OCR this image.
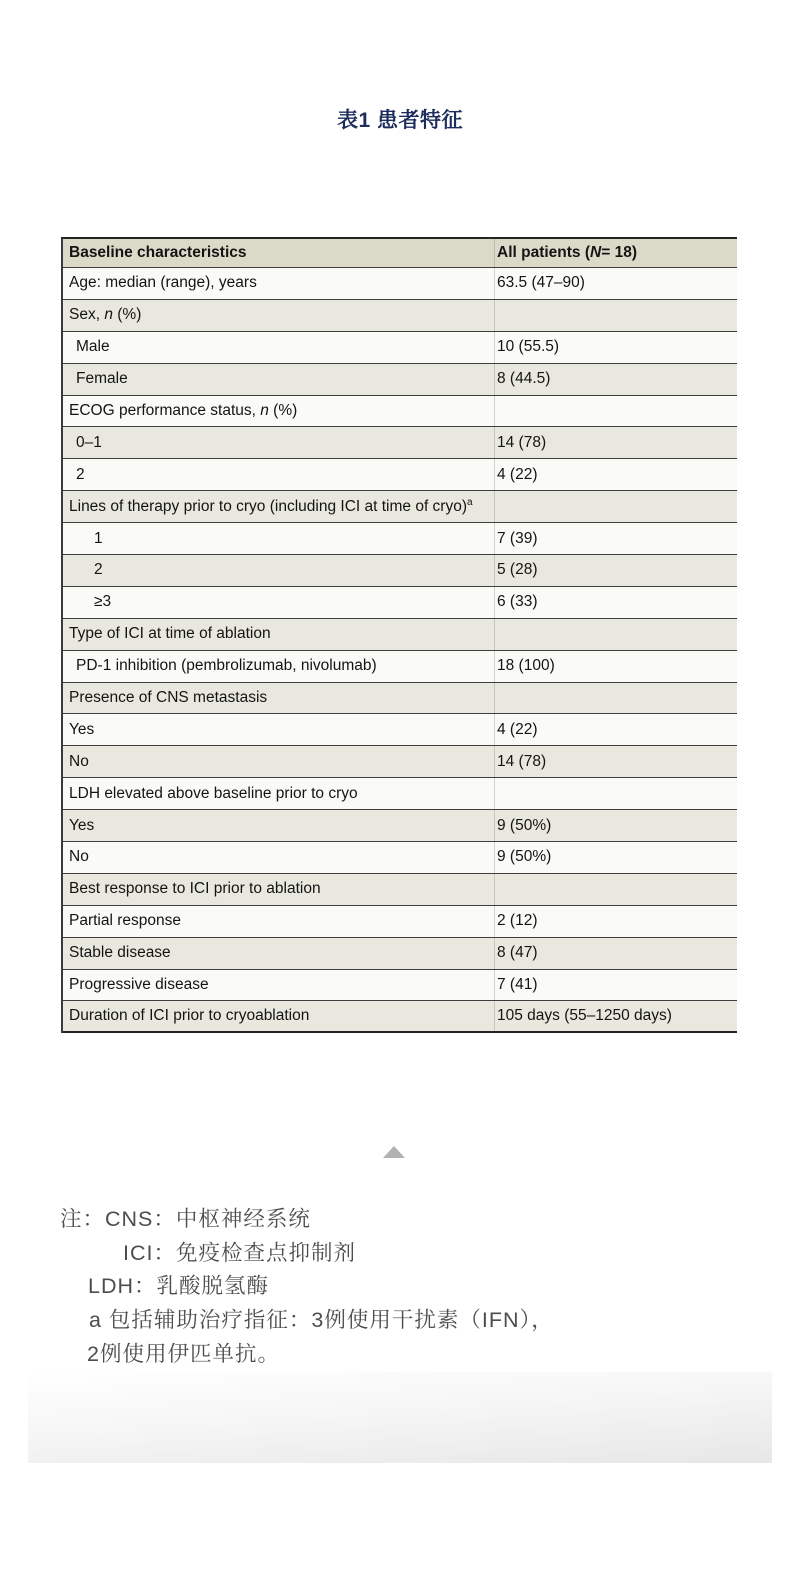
表1 患者特征
Baseline characteristics	All patients ( N = 18)
Age: median (range), years	63.5 (47–90)
Sex, n (%)
Male	10 (55.5)
Female	8 (44.5)
ECOG performance status, n (%)
0–1	14 (78)
2	4 (22)
Lines of therapy prior to cryo (including ICI at time of cryo)$^a$
1	7 (39)
2	5 (28)
≥3	6 (33)
Type of ICI at time of ablation
PD-1 inhibition (pembrolizumab, nivolumab)	18 (100)
Presence of CNS metastasis
Yes	4 (22)
No	14 (78)
LDH elevated above baseline prior to cryo
Yes	9 (50%)
No	9 (50%)
Best response to ICI prior to ablation
Partial response	2 (12)
Stable disease	8 (47)
Progressive disease	7 (41)
Duration of ICI prior to cryoablation	105 days (55–1250 days)
注：CNS：中枢神经系统
ICI：免疫检查点抑制剂
LDH：乳酸脱氢酶
a 包括辅助治疗指征：3例使用干扰素（IFN），
2例使用伊匹单抗。
